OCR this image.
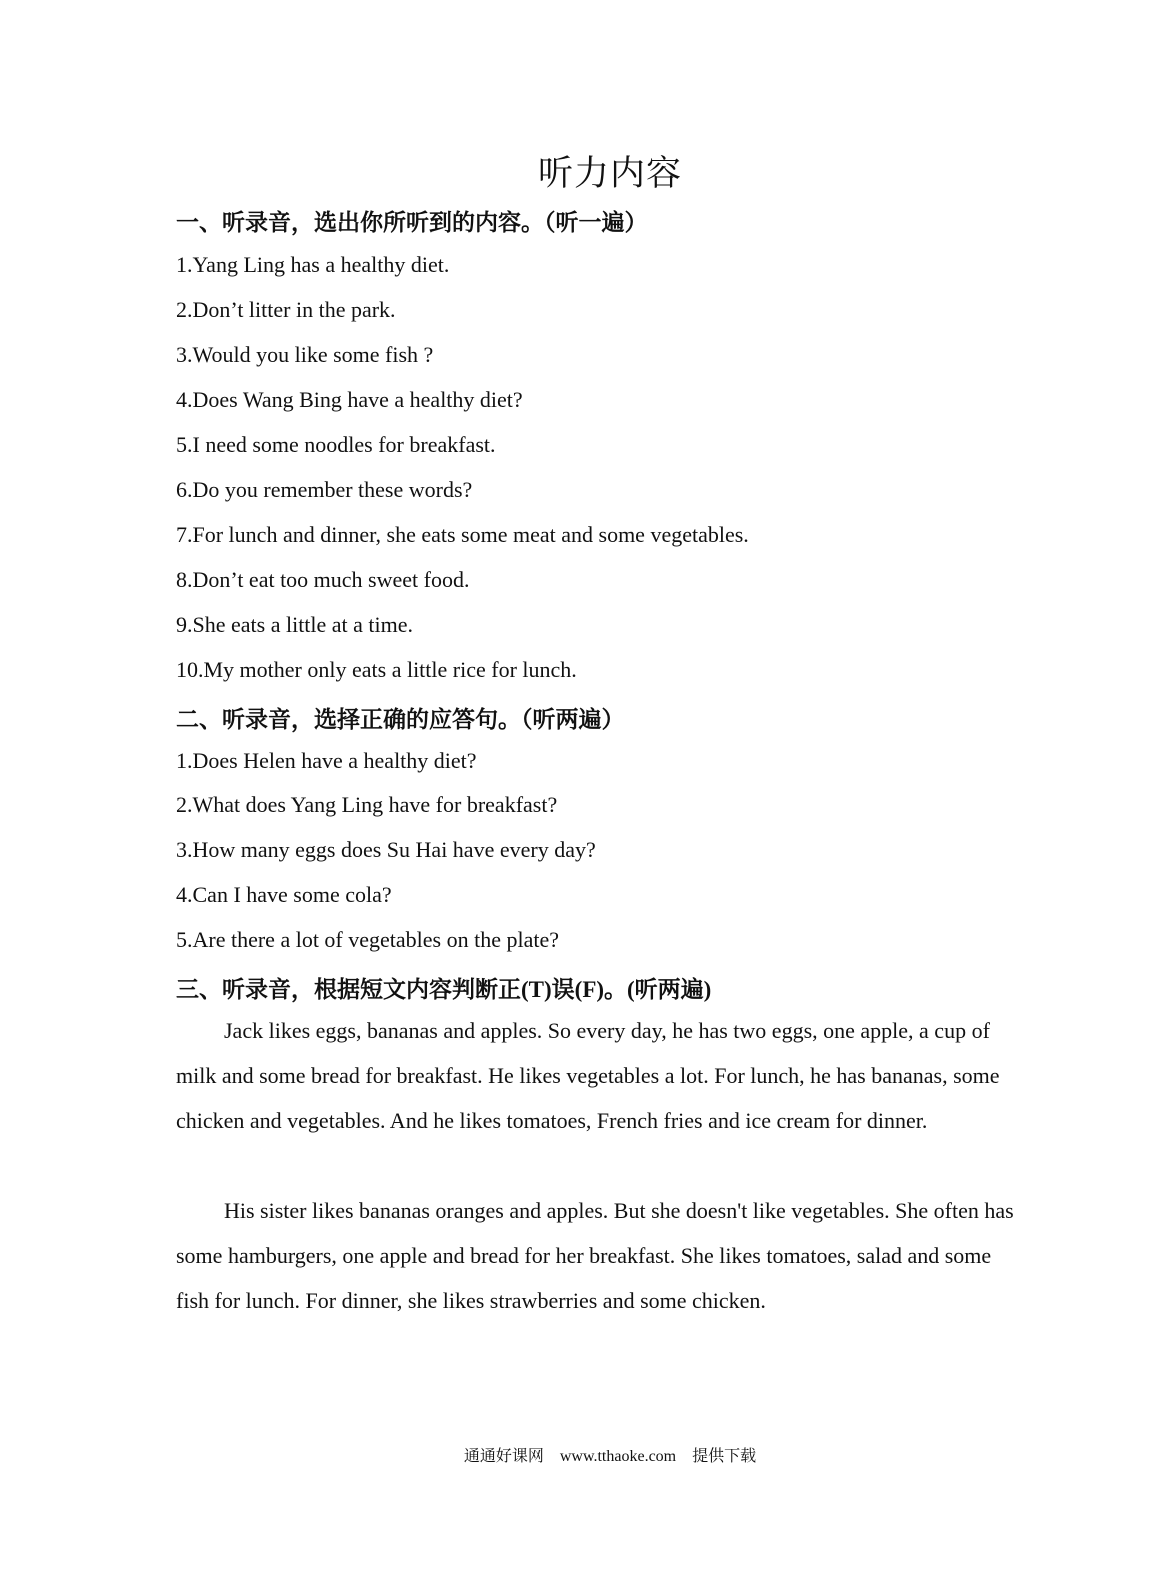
听力内容
一、听录音，选出你所听到的内容。（听一遍）
1.Yang Ling has a healthy diet.
2.Don’t litter in the park.
3.Would you like some fish ?
4.Does Wang Bing have a healthy diet?
5.I need some noodles for breakfast.
6.Do you remember these words?
7.For lunch and dinner, she eats some meat and some vegetables.
8.Don’t eat too much sweet food.
9.She eats a little at a time.
10.My mother only eats a little rice for lunch.
二、听录音，选择正确的应答句。（听两遍）
1.Does Helen have a healthy diet?
2.What does Yang Ling have for breakfast?
3.How many eggs does Su Hai have every day?
4.Can I have some cola?
5.Are there a lot of vegetables on the plate?
三、听录音，根据短文内容判断正(T)误(F)。(听两遍)

Jack likes eggs, bananas and apples. So every day, he has two eggs, one apple, a cup of milk and some bread for breakfast. He likes vegetables a lot. For lunch, he has bananas, some chicken and vegetables. And he likes tomatoes, French fries and ice cream for dinner.

His sister likes bananas oranges and apples. But she doesn't like vegetables. She often has some hamburgers, one apple and bread for her breakfast. She likes tomatoes, salad and some fish for lunch. For dinner, she likes strawberries and some chicken.

通通好课网 www.tthaoke.com 提供下载
